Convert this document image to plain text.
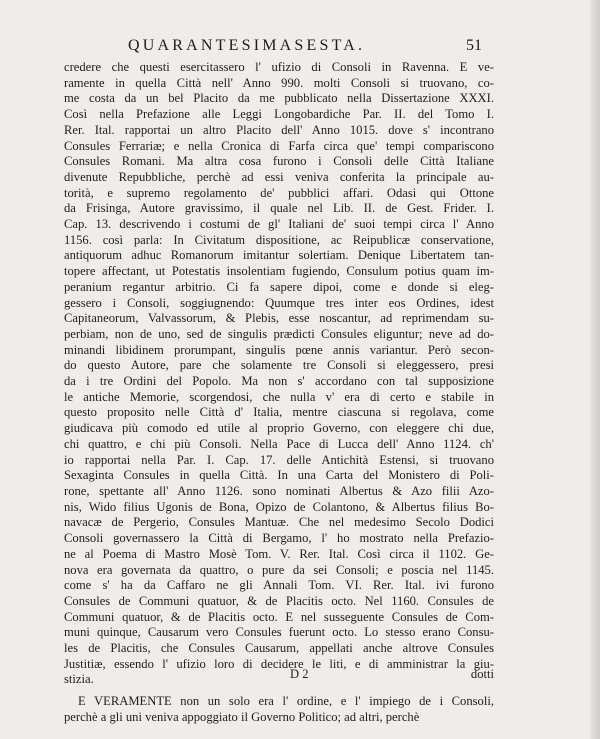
QUARANTESIMASESTA.	51
credere che questi esercitassero l' ufizio di Consoli in Ravenna. E ve-
ramente in quella Città nell' Anno 990. molti Consoli si truovano, co-
me costa da un bel Placito da me pubblicato nella Dissertazione XXXI.
Così nella Prefazione alle Leggi Longobardiche Par. II. del Tomo I.
Rer. Ital. rapportai un altro Placito dell' Anno 1015. dove s' incontrano
Consules Ferrariæ; e nella Cronica di Farfa circa que' tempi compariscono
Consules Romani. Ma altra cosa furono i Consoli delle Città Italiane
divenute Repubbliche, perchè ad essi veniva conferita la principale au-
torità, e supremo regolamento de' pubblici affari. Odasi qui Ottone
da Frisinga, Autore gravissimo, il quale nel Lib. II. de Gest. Frider. I.
Cap. 13. descrivendo i costumi de gl' Italiani de' suoi tempi circa l' Anno
1156. così parla: In Civitatum dispositione, ac Reipublicæ conservatione,
antiquorum adhuc Romanorum imitantur solertiam. Denique Libertatem tan-
topere affectant, ut Potestatis insolentiam fugiendo, Consulum potius quam im-
peranium regantur arbitrio. Ci fa sapere dipoi, come e donde si eleg-
gessero i Consoli, soggiugnendo: Quumque tres inter eos Ordines, idest
Capitaneorum, Valvassorum, & Plebis, esse noscantur, ad reprimendam su-
perbiam, non de uno, sed de singulis prædicti Consules eliguntur; neve ad do-
minandi libidinem prorumpant, singulis pœne annis variantur. Però secon-
do questo Autore, pare che solamente tre Consoli si eleggessero, presi
da i tre Ordini del Popolo. Ma non s' accordano con tal supposizione
le antiche Memorie, scorgendosi, che nulla v' era di certo e stabile in
questo proposito nelle Città d' Italia, mentre ciascuna si regolava, come
giudicava più comodo ed utile al proprio Governo, con eleggere chi due,
chi quattro, e chi più Consoli. Nella Pace di Lucca dell' Anno 1124. ch'
io rapportai nella Par. I. Cap. 17. delle Antichità Estensi, si truovano
Sexaginta Consules in quella Città. In una Carta del Monistero di Poli-
rone, spettante all' Anno 1126. sono nominati Albertus & Azo filii Azo-
nis, Wido filius Ugonis de Bona, Opizo de Colantono, & Albertus filius Bo-
navacæ de Pergerio, Consules Mantuæ. Che nel medesimo Secolo Dodici
Consoli governassero la Città di Bergamo, l' ho mostrato nella Prefazio-
ne al Poema di Mastro Mosè Tom. V. Rer. Ital. Così circa il 1102. Ge-
nova era governata da quattro, o pure da sei Consoli; e poscia nel 1145.
come s' ha da Caffaro ne gli Annali Tom. VI. Rer. Ital. ivi furono
Consules de Communi quatuor, & de Placitis octo. Nel 1160. Consules de
Communi quatuor, & de Placitis octo. E nel susseguente Consules de Com-
muni quinque, Causarum vero Consules fuerunt octo. Lo stesso erano Consu-
les de Placitis, che Consules Causarum, appellati anche altrove Consules
Justitiæ, essendo l' ufizio loro di decidere le liti, e di amministrar la giu-
stizia.
E VERAMENTE non un solo era l' ordine, e l' impiego de i Consoli,
perchè a gli uni veniva appoggiato il Governo Politico; ad altri, perchè
D 2	dotti
